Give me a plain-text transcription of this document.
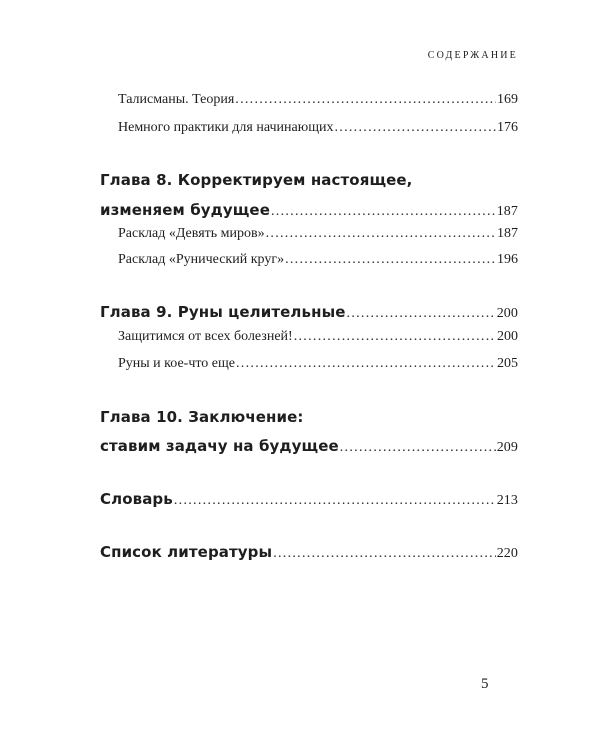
СОДЕРЖАНИЕ
Талисманы. Теория .....	169
Немного практики для начинающих .....	176
Глава 8. Корректируем настоящее,
изменяем будущее .....	187
Расклад «Девять миров» .....	187
Расклад «Рунический круг» .....	196
Глава 9. Руны целительные .....	200
Защитимся от всех болезней! .....	200
Руны и кое-что еще .....	205
Глава 10. Заключение:
ставим задачу на будущее .....	209
Словарь .....	213
Список литературы .....	220
5
